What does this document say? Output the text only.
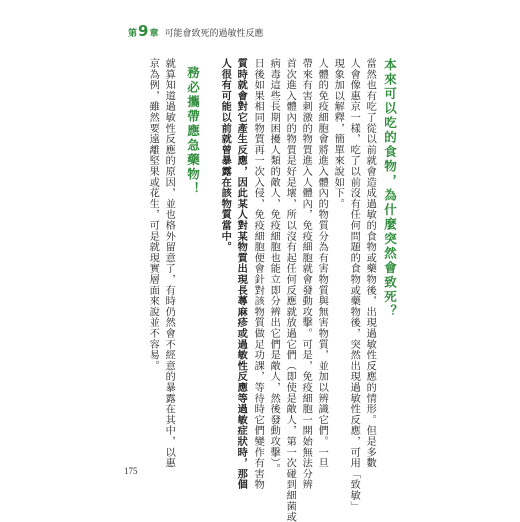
第 9 章 可能會致死的過敏性反應
本來可以吃的食物，為什麼突然會致死？
當然也有吃了從以前就會造成過敏的食物或藥物後，出現過敏性反應的情形。但是多數
人會像惠京一樣，吃了以前沒有任何問題的食物或藥物後，突然出現過敏性反應，可用「致敏」
現象加以解釋，簡單來說如下。
人體的免疫細胞會將進入體內的物質分為有害物質與無害物質，並加以辨識它們。一旦
帶來有害刺激的物質進入人體內，免疫細胞就會發動攻擊。可是，免疫細胞一開始無法分辨
首次進入體內的物質是好是壞，所以沒有起任何反應就放過它們（即使是敵人，第一次碰到細菌或
病毒這些長期困擾人類的敵人，免疫細胞也能立即分辨出它們是敵人，然後發動攻擊）。
日後如果相同物質再一次入侵，免疫細胞便會針對該物質做足功課，等待時它們變作有害物
質時就會對它產生反應，因此某人對某物質出現長蕁麻疹或過敏性反應等過敏症狀時，那個
人很有可能以前就曾暴露在該物質當中。
務必攜帶應急藥物！
就算知道過敏性反應的原因，並也格外留意了，有時仍然會不經意的暴露在其中，以惠
京為例，雖然要遠離堅果或花生，可是就現實層面來說並不容易。
175
